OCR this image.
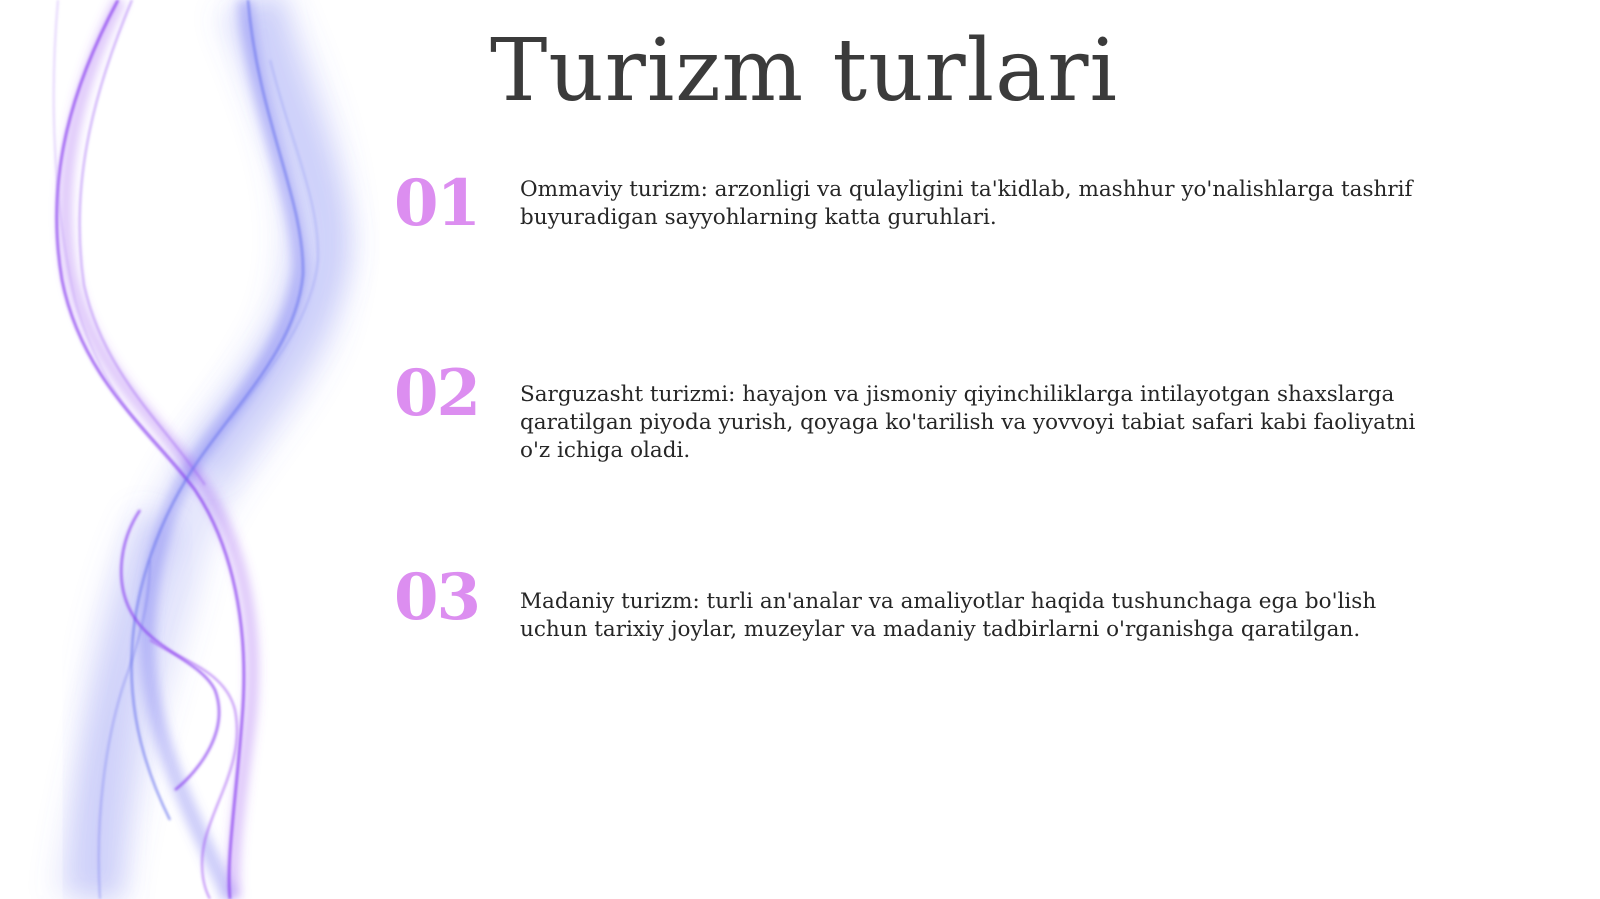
Turizm turlari
01 Ommaviy turizm: arzonligi va qulayligini ta'kidlab, mashhur yo'nalishlarga tashrif buyuradigan sayyohlarning katta guruhlari.
02 Sarguzasht turizmi: hayajon va jismoniy qiyinchiliklarga intilayotgan shaxslarga qaratilgan piyoda yurish, qoyaga ko'tarilish va yovvoyi tabiat safari kabi faoliyatni o'z ichiga oladi.
03 Madaniy turizm: turli an'analar va amaliyotlar haqida tushunchaga ega bo'lish uchun tarixiy joylar, muzeylar va madaniy tadbirlarni o'rganishga qaratilgan.
